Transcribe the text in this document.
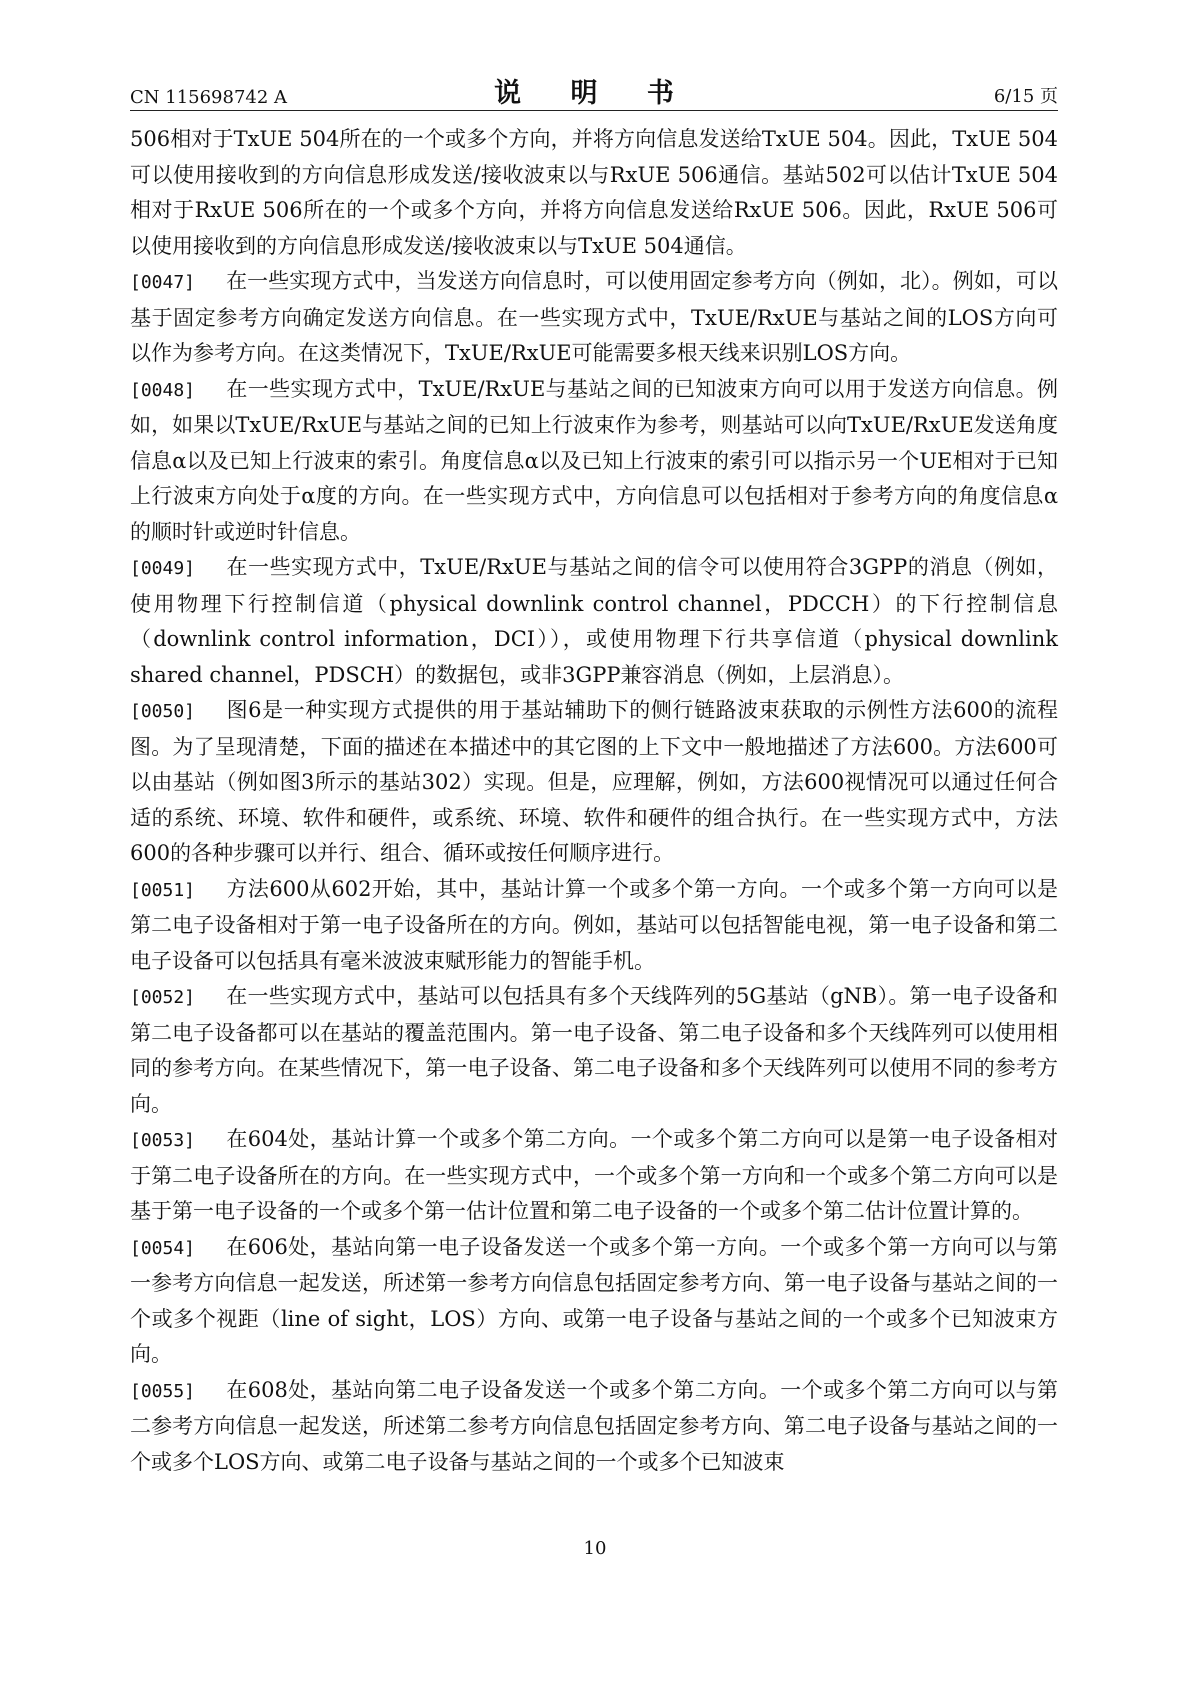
CN 115698742 A	说 明 书	6/15 页

506相对于TxUE 504所在的一个或多个方向，并将方向信息发送给TxUE 504。因此，TxUE 504可以使用接收到的方向信息形成发送/接收波束以与RxUE 506通信。基站502可以估计TxUE 504相对于RxUE 506所在的一个或多个方向，并将方向信息发送给RxUE 506。因此，RxUE 506可以使用接收到的方向信息形成发送/接收波束以与TxUE 504通信。

[0047] 在一些实现方式中，当发送方向信息时，可以使用固定参考方向（例如，北）。例如，可以基于固定参考方向确定发送方向信息。在一些实现方式中，TxUE/RxUE与基站之间的LOS方向可以作为参考方向。在这类情况下，TxUE/RxUE可能需要多根天线来识别LOS方向。

[0048] 在一些实现方式中，TxUE/RxUE与基站之间的已知波束方向可以用于发送方向信息。例如，如果以TxUE/RxUE与基站之间的已知上行波束作为参考，则基站可以向TxUE/RxUE发送角度信息α以及已知上行波束的索引。角度信息α以及已知上行波束的索引可以指示另一个UE相对于已知上行波束方向处于α度的方向。在一些实现方式中，方向信息可以包括相对于参考方向的角度信息α的顺时针或逆时针信息。

[0049] 在一些实现方式中，TxUE/RxUE与基站之间的信令可以使用符合3GPP的消息（例如，使用物理下行控制信道（physical downlink control channel，PDCCH）的下行控制信息（downlink control information，DCI）），或使用物理下行共享信道（physical downlink shared channel，PDSCH）的数据包，或非3GPP兼容消息（例如，上层消息）。

[0050] 图6是一种实现方式提供的用于基站辅助下的侧行链路波束获取的示例性方法600的流程图。为了呈现清楚，下面的描述在本描述中的其它图的上下文中一般地描述了方法600。方法600可以由基站（例如图3所示的基站302）实现。但是，应理解，例如，方法600视情况可以通过任何合适的系统、环境、软件和硬件，或系统、环境、软件和硬件的组合执行。在一些实现方式中，方法600的各种步骤可以并行、组合、循环或按任何顺序进行。

[0051] 方法600从602开始，其中，基站计算一个或多个第一方向。一个或多个第一方向可以是第二电子设备相对于第一电子设备所在的方向。例如，基站可以包括智能电视，第一电子设备和第二电子设备可以包括具有毫米波波束赋形能力的智能手机。

[0052] 在一些实现方式中，基站可以包括具有多个天线阵列的5G基站（gNB）。第一电子设备和第二电子设备都可以在基站的覆盖范围内。第一电子设备、第二电子设备和多个天线阵列可以使用相同的参考方向。在某些情况下，第一电子设备、第二电子设备和多个天线阵列可以使用不同的参考方向。

[0053] 在604处，基站计算一个或多个第二方向。一个或多个第二方向可以是第一电子设备相对于第二电子设备所在的方向。在一些实现方式中，一个或多个第一方向和一个或多个第二方向可以是基于第一电子设备的一个或多个第一估计位置和第二电子设备的一个或多个第二估计位置计算的。

[0054] 在606处，基站向第一电子设备发送一个或多个第一方向。一个或多个第一方向可以与第一参考方向信息一起发送，所述第一参考方向信息包括固定参考方向、第一电子设备与基站之间的一个或多个视距（line of sight，LOS）方向、或第一电子设备与基站之间的一个或多个已知波束方向。

[0055] 在608处，基站向第二电子设备发送一个或多个第二方向。一个或多个第二方向可以与第二参考方向信息一起发送，所述第二参考方向信息包括固定参考方向、第二电子设备与基站之间的一个或多个LOS方向、或第二电子设备与基站之间的一个或多个已知波束

10
